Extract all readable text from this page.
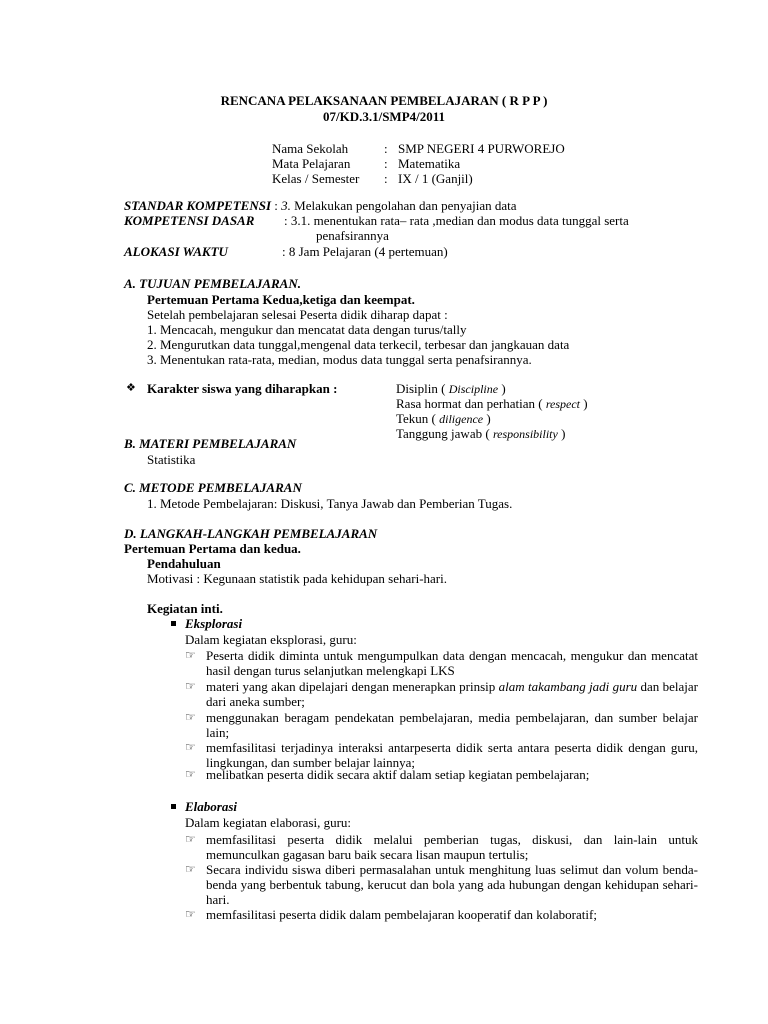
RENCANA PELAKSANAAN PEMBELAJARAN ( R P P )
07/KD.3.1/SMP4/2011
Nama Sekolah	: SMP NEGERI 4 PURWOREJO
Mata Pelajaran	: Matematika
Kelas / Semester : IX / 1 (Ganjil)
STANDAR KOMPETENSI : 3. Melakukan pengolahan dan penyajian data
KOMPETENSI DASAR : 3.1. menentukan rata– rata ,median dan modus data tunggal serta
penafsirannya
ALOKASI WAKTU	: 8 Jam Pelajaran (4 pertemuan)
A. TUJUAN PEMBELAJARAN.
Pertemuan Pertama Kedua,ketiga dan keempat.
Setelah pembelajaran selesai Peserta didik diharap dapat :
1. Mencacah, mengukur dan mencatat data dengan turus/tally
2. Mengurutkan data tunggal,mengenal data terkecil, terbesar dan jangkauan data
3. Menentukan rata-rata, median, modus data tunggal serta penafsirannya.
❖ Karakter siswa yang diharapkan :	Disiplin ( Discipline )
Rasa hormat dan perhatian ( respect )
Tekun ( diligence )
Tanggung jawab ( responsibility )
B. MATERI PEMBELAJARAN
Statistika
C. METODE PEMBELAJARAN
1. Metode Pembelajaran: Diskusi, Tanya Jawab dan Pemberian Tugas.
D. LANGKAH-LANGKAH PEMBELAJARAN
Pertemuan Pertama dan kedua.
Pendahuluan
Motivasi : Kegunaan statistik pada kehidupan sehari-hari.
Kegiatan inti.
Eksplorasi
Dalam kegiatan eksplorasi, guru:
☞ Peserta didik diminta untuk mengumpulkan data dengan mencacah, mengukur dan mencatat hasil dengan turus selanjutkan melengkapi LKS
☞ materi yang akan dipelajari dengan menerapkan prinsip alam takambang jadi guru dan belajar dari aneka sumber;
☞ menggunakan beragam pendekatan pembelajaran, media pembelajaran, dan sumber belajar lain;
☞ memfasilitasi terjadinya interaksi antarpeserta didik serta antara peserta didik dengan guru, lingkungan, dan sumber belajar lainnya;
☞ melibatkan peserta didik secara aktif dalam setiap kegiatan pembelajaran;
Elaborasi
Dalam kegiatan elaborasi, guru:
☞ memfasilitasi peserta didik melalui pemberian tugas, diskusi, dan lain-lain untuk memunculkan gagasan baru baik secara lisan maupun tertulis;
☞ Secara individu siswa diberi permasalahan untuk menghitung luas selimut dan volum benda-benda yang berbentuk tabung, kerucut dan bola yang ada hubungan dengan kehidupan sehari-hari.
☞ memfasilitasi peserta didik dalam pembelajaran kooperatif dan kolaboratif;
